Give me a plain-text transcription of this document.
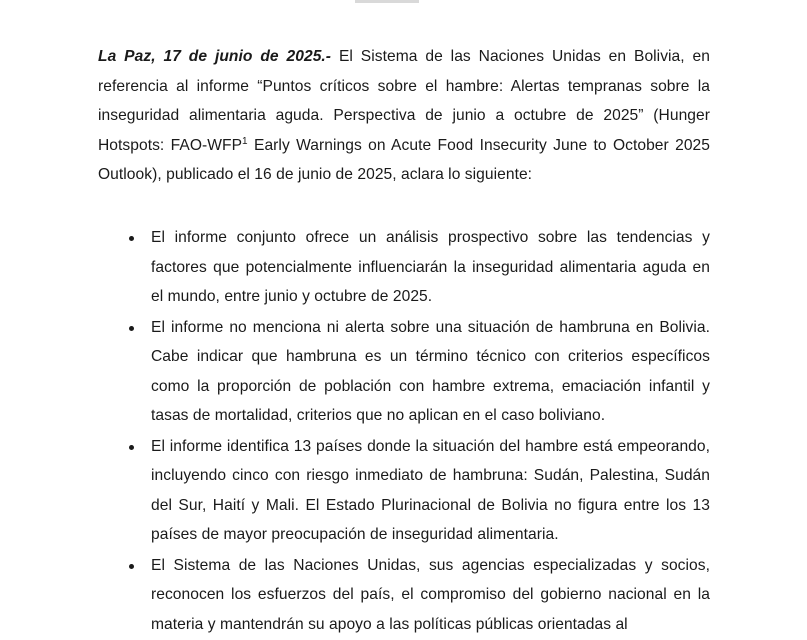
La Paz, 17 de junio de 2025.- El Sistema de las Naciones Unidas en Bolivia, en referencia al informe “Puntos críticos sobre el hambre: Alertas tempranas sobre la inseguridad alimentaria aguda. Perspectiva de junio a octubre de 2025” (Hunger Hotspots: FAO-WFP$^1$ Early Warnings on Acute Food Insecurity June to October 2025 Outlook), publicado el 16 de junio de 2025, aclara lo siguiente:

El informe conjunto ofrece un análisis prospectivo sobre las tendencias y factores que potencialmente influenciarán la inseguridad alimentaria aguda en el mundo, entre junio y octubre de 2025.
El informe no menciona ni alerta sobre una situación de hambruna en Bolivia. Cabe indicar que hambruna es un término técnico con criterios específicos como la proporción de población con hambre extrema, emaciación infantil y tasas de mortalidad, criterios que no aplican en el caso boliviano.
El informe identifica 13 países donde la situación del hambre está empeorando, incluyendo cinco con riesgo inmediato de hambruna: Sudán, Palestina, Sudán del Sur, Haití y Mali. El Estado Plurinacional de Bolivia no figura entre los 13 países de mayor preocupación de inseguridad alimentaria.
El Sistema de las Naciones Unidas, sus agencias especializadas y socios, reconocen los esfuerzos del país, el compromiso del gobierno nacional en la materia y mantendrán su apoyo a las políticas públicas orientadas al
